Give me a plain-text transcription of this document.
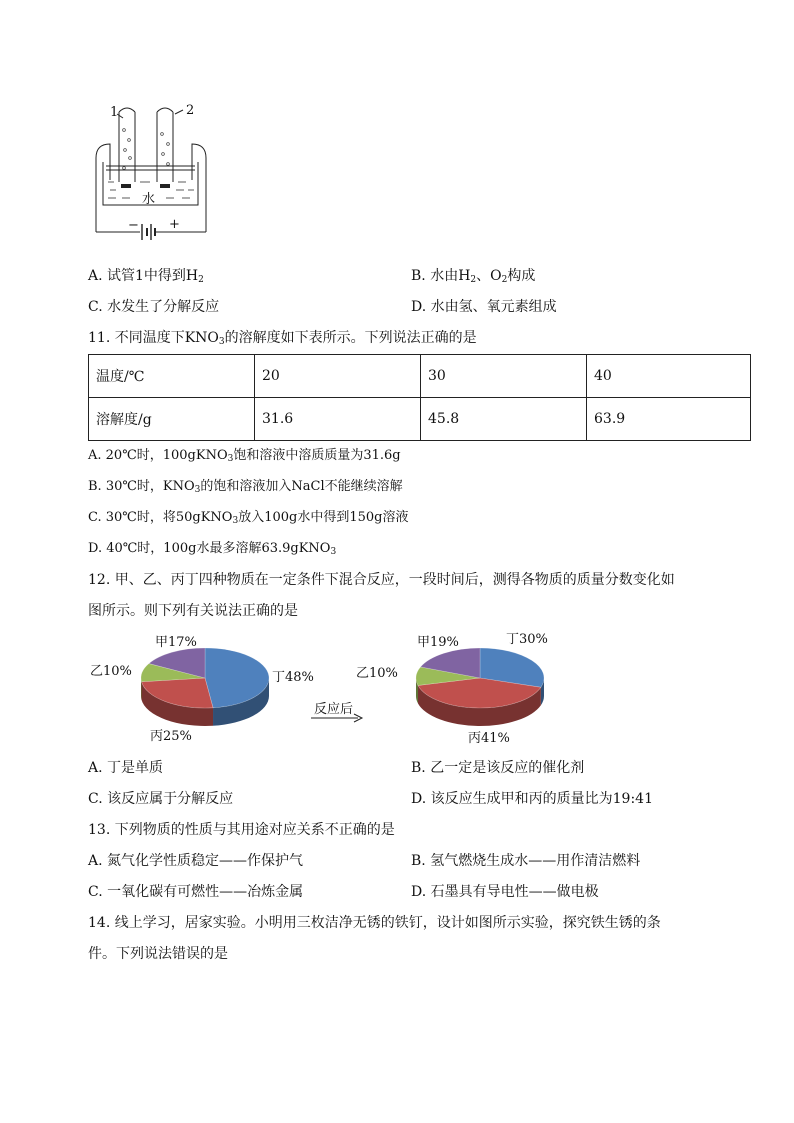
1	2
水
− +
A. 试管1中得到$H_2$	B. 水由$H_2$、$O_2$构成
C. 水发生了分解反应	D. 水由氢、氧元素组成
11. 不同温度下$KNO_3$的溶解度如下表所示。下列说法正确的是
温度/℃	20	30	40
溶解度/g	31.6	45.8	63.9
A. 20℃时，100gKNO$_3$饱和溶液中溶质质量为31.6g
B. 30℃时，$KNO_3$的饱和溶液加入NaCl不能继续溶解
C. 30℃时，将50gKNO$_3$放入100g水中得到150g溶液
D. 40℃时，100g水最多溶解63.9gKNO$_3$
12. 甲、乙、丙丁四种物质在一定条件下混合反应，一段时间后，测得各物质的质量分数变化如
图所示。则下列有关说法正确的是
甲17%
乙10%	丁48%
丙25%
反应后
甲19%	丁30%
乙10%
丙41%
A. 丁是单质	B. 乙一定是该反应的催化剂
C. 该反应属于分解反应	D. 该反应生成甲和丙的质量比为19:41
13. 下列物质的性质与其用途对应关系不正确的是
A. 氮气化学性质稳定——作保护气	B. 氢气燃烧生成水——用作清洁燃料
C. 一氧化碳有可燃性——冶炼金属	D. 石墨具有导电性——做电极
14. 线上学习，居家实验。小明用三枚洁净无锈的铁钉，设计如图所示实验，探究铁生锈的条
件。下列说法错误的是
